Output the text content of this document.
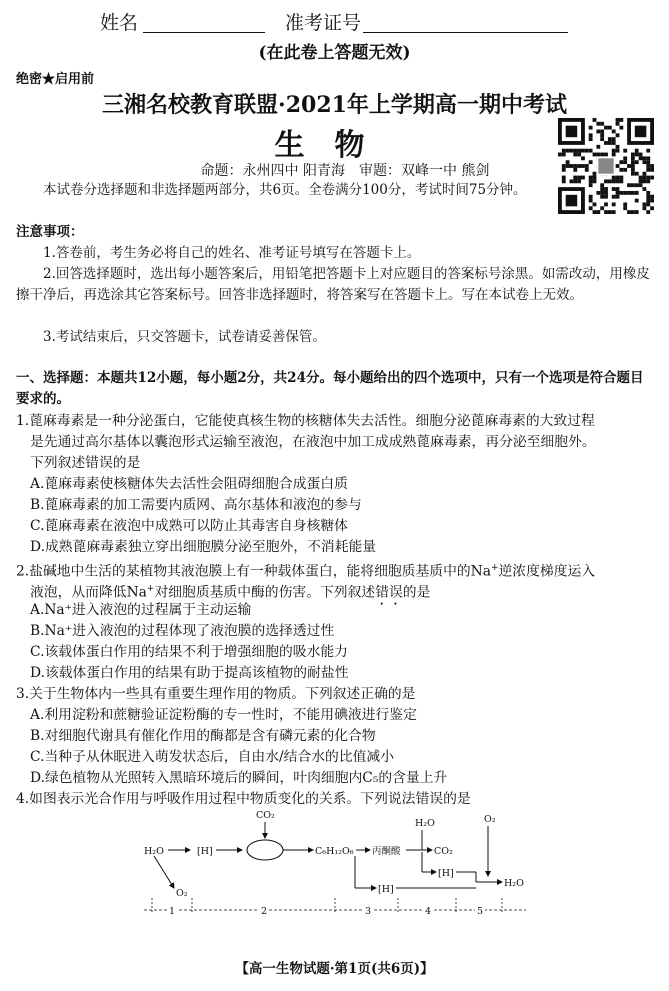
姓名	准考证号
(在此卷上答题无效)
绝密★启用前
三湘名校教育联盟·2021年上学期高一期中考试
生物
命题：永州四中 阳青海　审题：双峰一中 熊剑
本试卷分选择题和非选择题两部分，共6页。全卷满分100分，考试时间75分钟。
注意事项：
1.答卷前，考生务必将自己的姓名、准考证号填写在答题卡上。
2.回答选择题时，选出每小题答案后，用铅笔把答题卡上对应题目的答案标号涂黑。如需改动，用橡皮擦干净后，再选涂其它答案标号。回答非选择题时，将答案写在答题卡上。写在本试卷上无效。
3.考试结束后，只交答题卡，试卷请妥善保管。
一、选择题：本题共12小题，每小题2分，共24分。每小题给出的四个选项中，只有一个选项是符合题目要求的。
1.蓖麻毒素是一种分泌蛋白，它能使真核生物的核糖体失去活性。细胞分泌蓖麻毒素的大致过程
是先通过高尔基体以囊泡形式运输至液泡，在液泡中加工成成熟蓖麻毒素，再分泌至细胞外。
下列叙述错误的是
A.蓖麻毒素使核糖体失去活性会阻碍细胞合成蛋白质
B.蓖麻毒素的加工需要内质网、高尔基体和液泡的参与
C.蓖麻毒素在液泡中成熟可以防止其毒害自身核糖体
D.成熟蓖麻毒素独立穿出细胞膜分泌至胞外，不消耗能量
2.盐碱地中生活的某植物其液泡膜上有一种载体蛋白，能将细胞质基质中的Na+逆浓度梯度运入
液泡，从而降低Na+对细胞质基质中酶的伤害。下列叙述错误的是
A.Na⁺进入液泡的过程属于主动运输
B.Na⁺进入液泡的过程体现了液泡膜的选择透过性
C.该载体蛋白作用的结果不利于增强细胞的吸水能力
D.该载体蛋白作用的结果有助于提高该植物的耐盐性
3.关于生物体内一些具有重要生理作用的物质。下列叙述正确的是
A.利用淀粉和蔗糖验证淀粉酶的专一性时，不能用碘液进行鉴定
B.对细胞代谢具有催化作用的酶都是含有磷元素的化合物
C.当种子从休眠进入萌发状态后，自由水/结合水的比值减小
D.绿色植物从光照转入黑暗环境后的瞬间，叶肉细胞内C₅的含量上升
4.如图表示光合作用与呼吸作用过程中物质变化的关系。下列说法错误的是
H₂O
O₂
[H]
CO₂
C₆H₁₂O₆ 丙酮酸
H₂O
CO₂
[H]
[H]
O₂
H₂O
1	2	3	4	5
【高一生物试题·第1页(共6页)】
